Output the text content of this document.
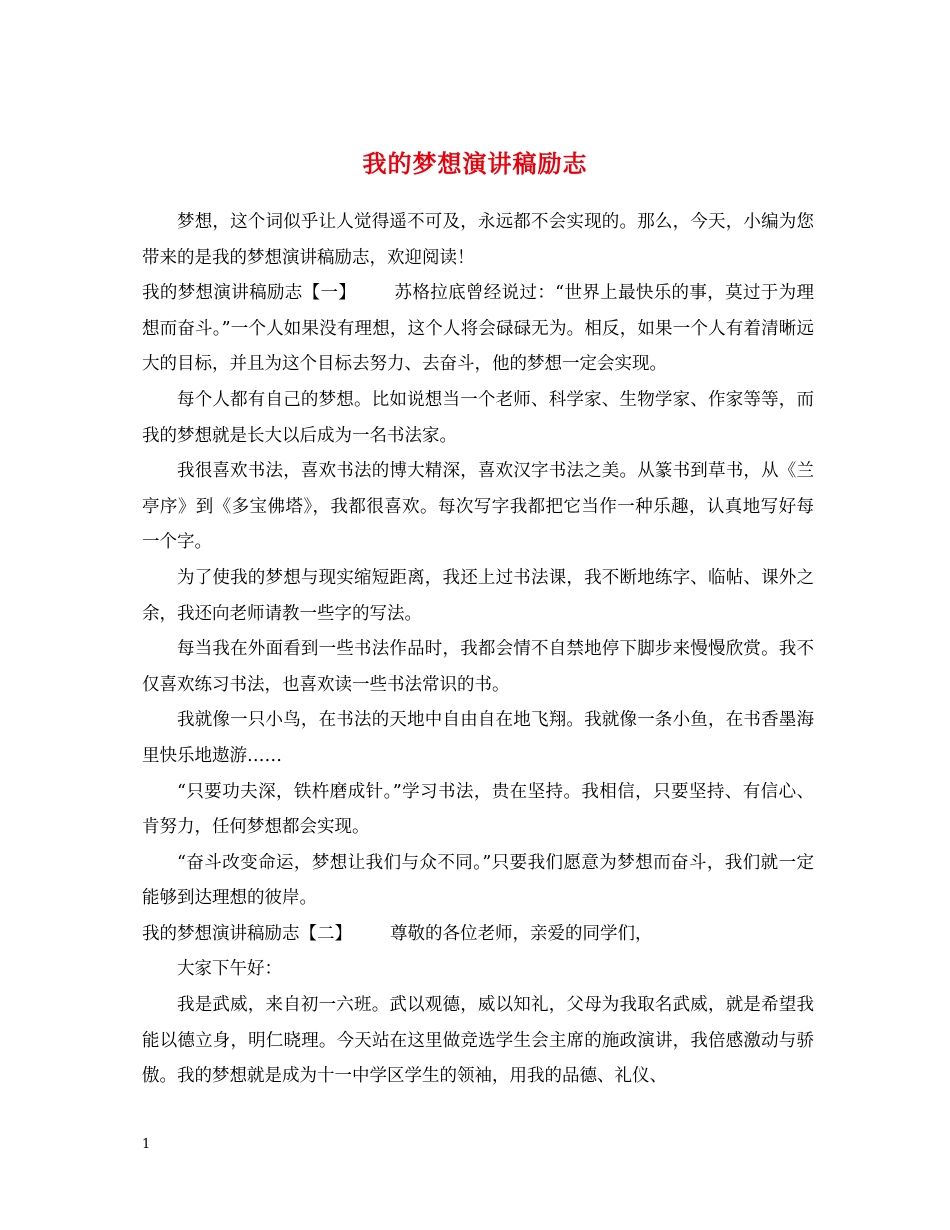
我的梦想演讲稿励志

梦想，这个词似乎让人觉得遥不可及，永远都不会实现的。那么，今天，小编为您带来的是我的梦想演讲稿励志，欢迎阅读！

我的梦想演讲稿励志【一】 苏格拉底曾经说过：“世界上最快乐的事，莫过于为理想而奋斗。”一个人如果没有理想，这个人将会碌碌无为。相反，如果一个人有着清晰远大的目标，并且为这个目标去努力、去奋斗，他的梦想一定会实现。

每个人都有自己的梦想。比如说想当一个老师、科学家、生物学家、作家等等，而我的梦想就是长大以后成为一名书法家。

我很喜欢书法，喜欢书法的博大精深，喜欢汉字书法之美。从篆书到草书，从《兰亭序》到《多宝佛塔》，我都很喜欢。每次写字我都把它当作一种乐趣，认真地写好每一个字。

为了使我的梦想与现实缩短距离，我还上过书法课，我不断地练字、临帖、课外之余，我还向老师请教一些字的写法。

每当我在外面看到一些书法作品时，我都会情不自禁地停下脚步来慢慢欣赏。我不仅喜欢练习书法，也喜欢读一些书法常识的书。

我就像一只小鸟，在书法的天地中自由自在地飞翔。我就像一条小鱼，在书香墨海里快乐地遨游……

“只要功夫深，铁杵磨成针。”学习书法，贵在坚持。我相信，只要坚持、有信心、肯努力，任何梦想都会实现。

“奋斗改变命运，梦想让我们与众不同。”只要我们愿意为梦想而奋斗，我们就一定能够到达理想的彼岸。

我的梦想演讲稿励志【二】 尊敬的各位老师，亲爱的同学们，

大家下午好：

我是武威，来自初一六班。武以观德，威以知礼，父母为我取名武威，就是希望我能以德立身，明仁晓理。今天站在这里做竞选学生会主席的施政演讲，我倍感激动与骄傲。我的梦想就是成为十一中学区学生的领袖，用我的品德、礼仪、

1
